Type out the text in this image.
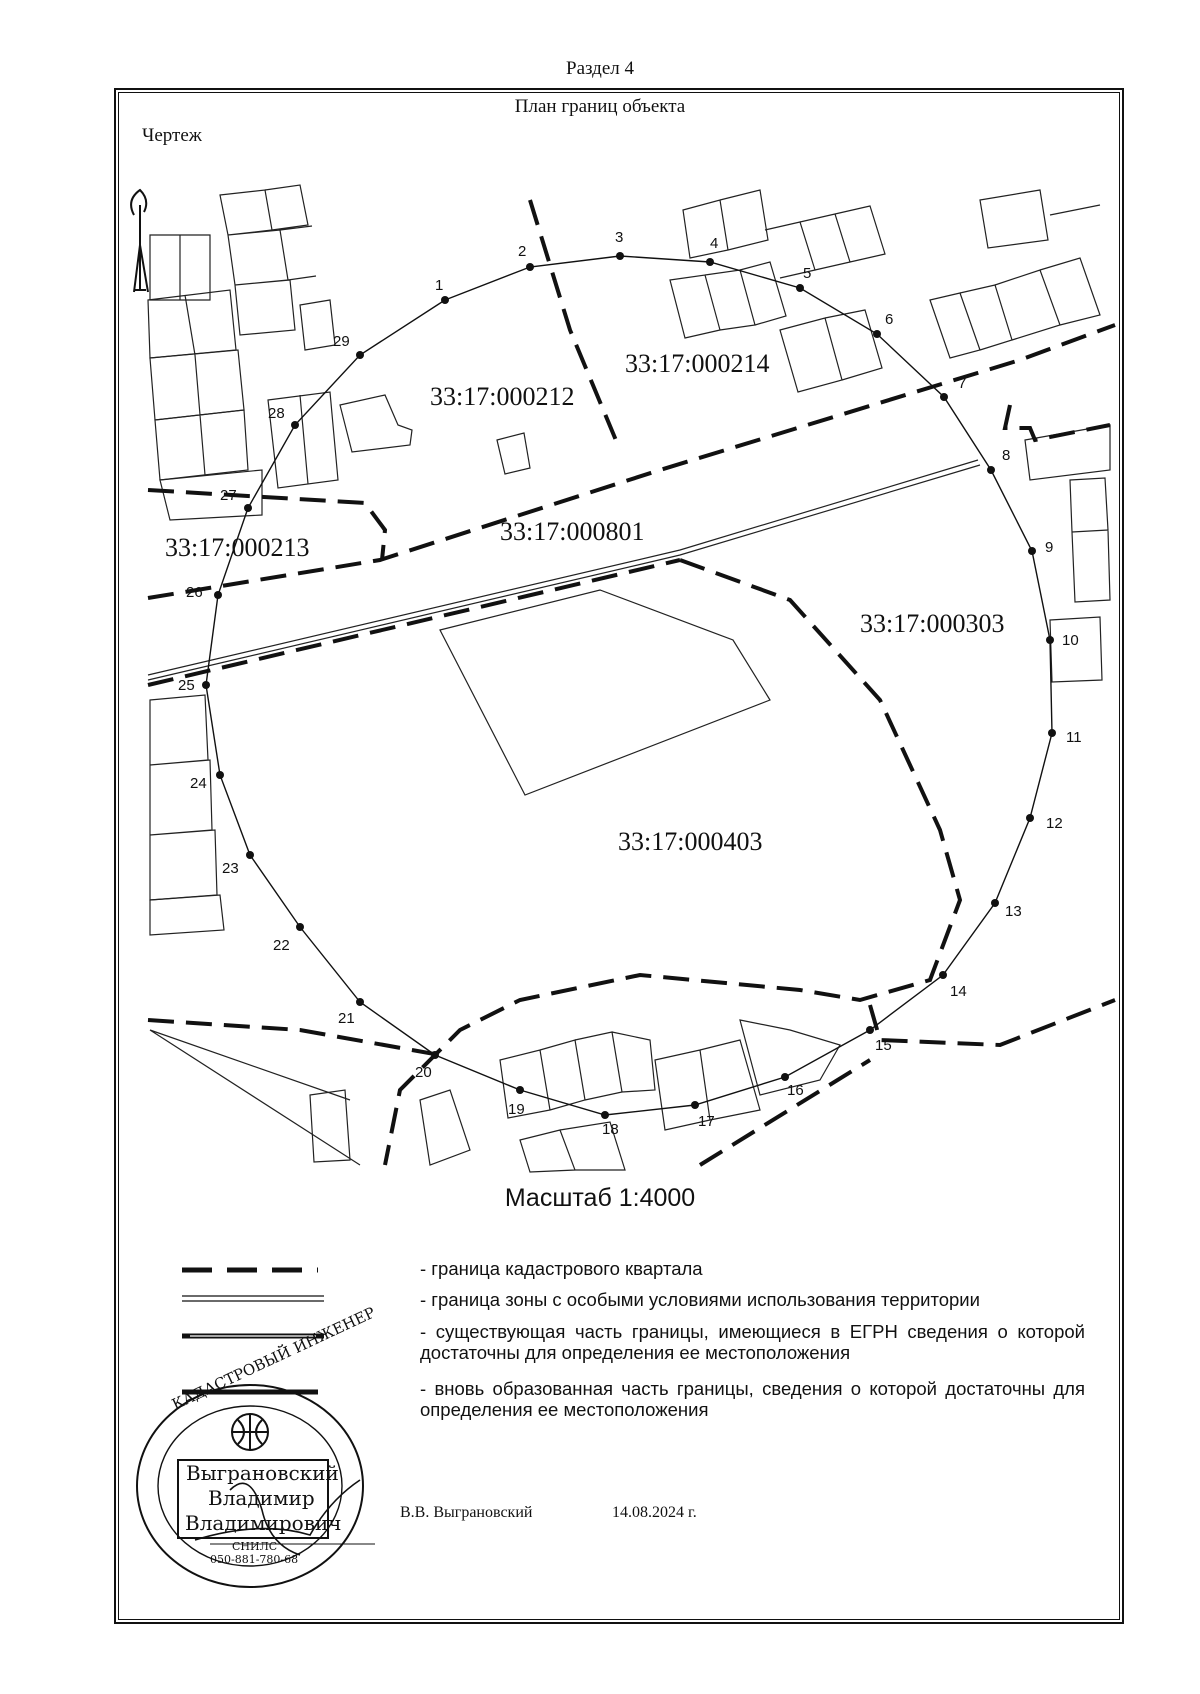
Раздел 4
План границ объекта
Чертеж
1
2
3	4
5
6
7
8
9
10
11
12
13
14
15
16
17
18
19
20
21
22
23
24
25
26
27
28
29
33:17:000212
33:17:000214
33:17:000801
33:17:000213
33:17:000303
33:17:000403
Масштаб 1:4000
КАДАСТРОВЫЙ ИНЖЕНЕР
Выграновский
Владимир
Владимирович
СНИЛС
050-881-780-68
- граница кадастрового квартала
- граница зоны с особыми условиями использования территории
- существующая часть границы, имеющиеся в ЕГРН сведения о которой достаточны для определения ее местоположения
- вновь образованная часть границы, сведения о которой достаточны для определения ее местоположения
В.В. Выграновский	14.08.2024 г.
